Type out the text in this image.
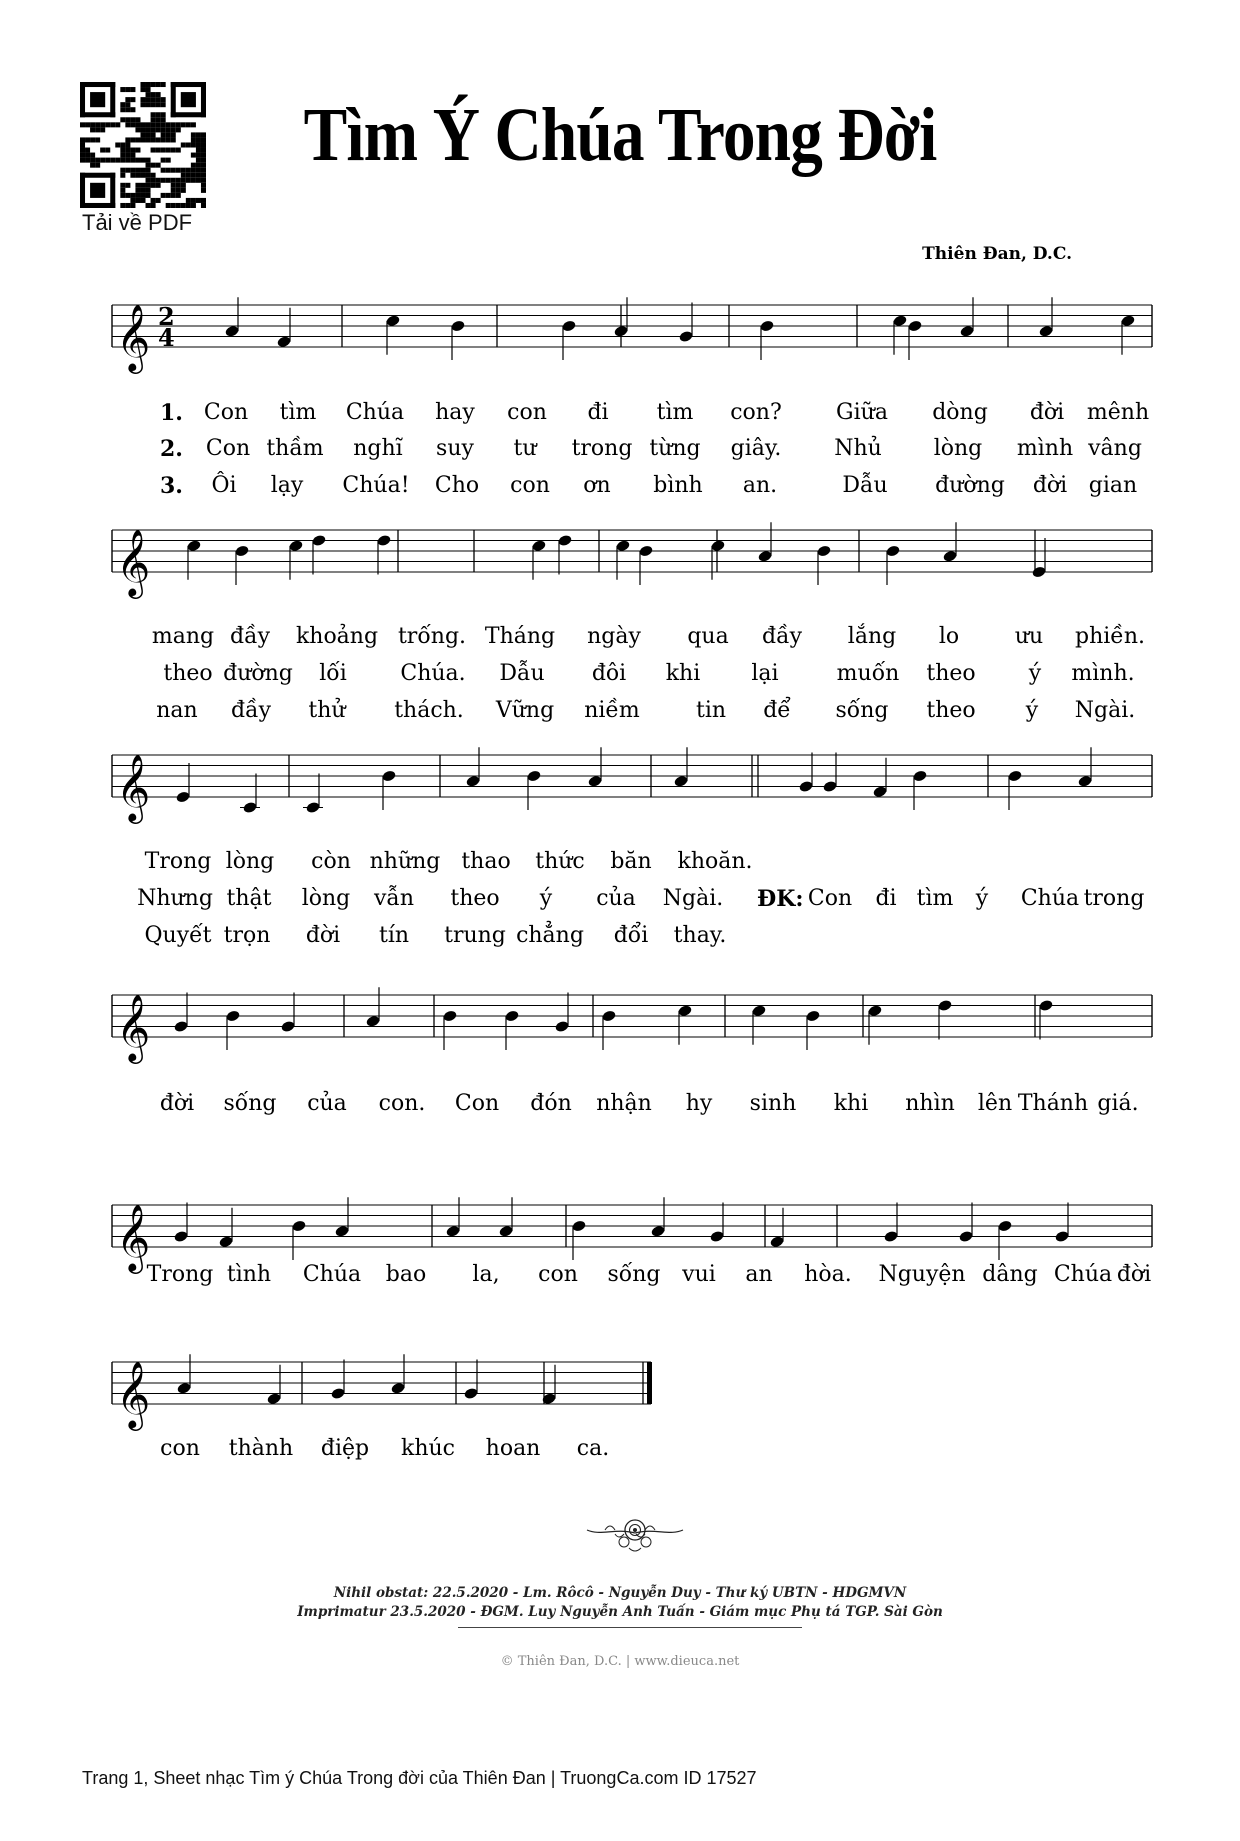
Tải về PDF
Tìm Ý Chúa Trong Đời
Thiên Đan, D.C.
𝄞 2
4
𝄞
𝄞
𝄞
𝄞
𝄞
1. Con tìm Chúa hay con đi tìm con? Giữa dòng đời mênh
2. Con thầm nghĩ suy tư trong từng giây. Nhủ lòng mình vâng
3. Ôi lạy Chúa! Cho con ơn bình an.	Dẫu đường đời gian
mang đầy khoảng trống. Tháng ngày qua đầy lắng lo	ưu phiền.
theo đường lối Chúa. Dẫu đôi khi lại	muốn theo ý mình.
nan đầy thử thách. Vững niềm	tin để sống theo ý Ngài.
Trong lòng còn những thao thức băn khoăn.
Nhưng thật lòng vẫn theo ý của Ngài. ĐK: Con đi tìm ý Chúa trong
Quyết trọn đời tín trung chẳng đổi thay.
đời sống của con. Con đón nhận hy sinh khi nhìn lên Thánh giá.
Trong tình Chúa bao la, con sống vui an hòa. Nguyện dâng Chúa đời
con thành điệp khúc hoan ca.
Nihil obstat: 22.5.2020 - Lm. Rôcô - Nguyễn Duy - Thư ký UBTN - HDGMVN
Imprimatur 23.5.2020 - ĐGM. Luy Nguyễn Anh Tuấn - Giám mục Phụ tá TGP. Sài Gòn
© Thiên Đan, D.C. | www.dieuca.net
Trang 1, Sheet nhạc Tìm ý Chúa Trong đời của Thiên Đan | TruongCa.com ID 17527
